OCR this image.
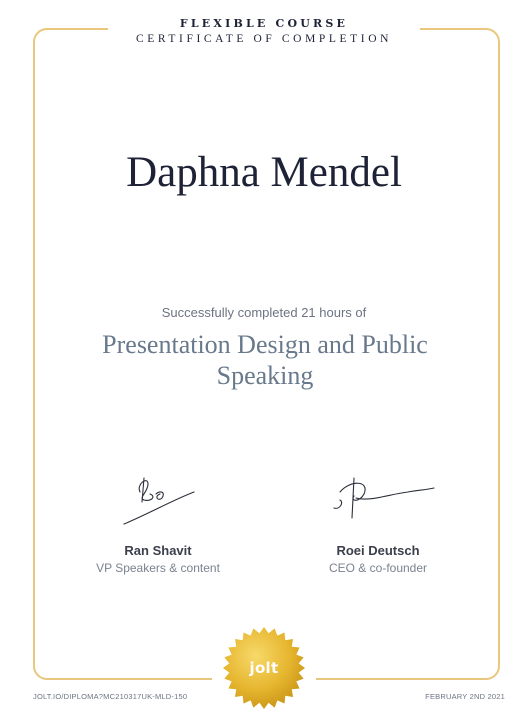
FLEXIBLE COURSE
CERTIFICATE OF COMPLETION
Daphna Mendel
Successfully completed 21 hours of
Presentation Design and Public Speaking
Ran Shavit
VP Speakers & content
Roei Deutsch
CEO & co-founder
jolt
JOLT.IO/DIPLOMA?MC210317UK-MLD-150	FEBRUARY 2ND 2021
